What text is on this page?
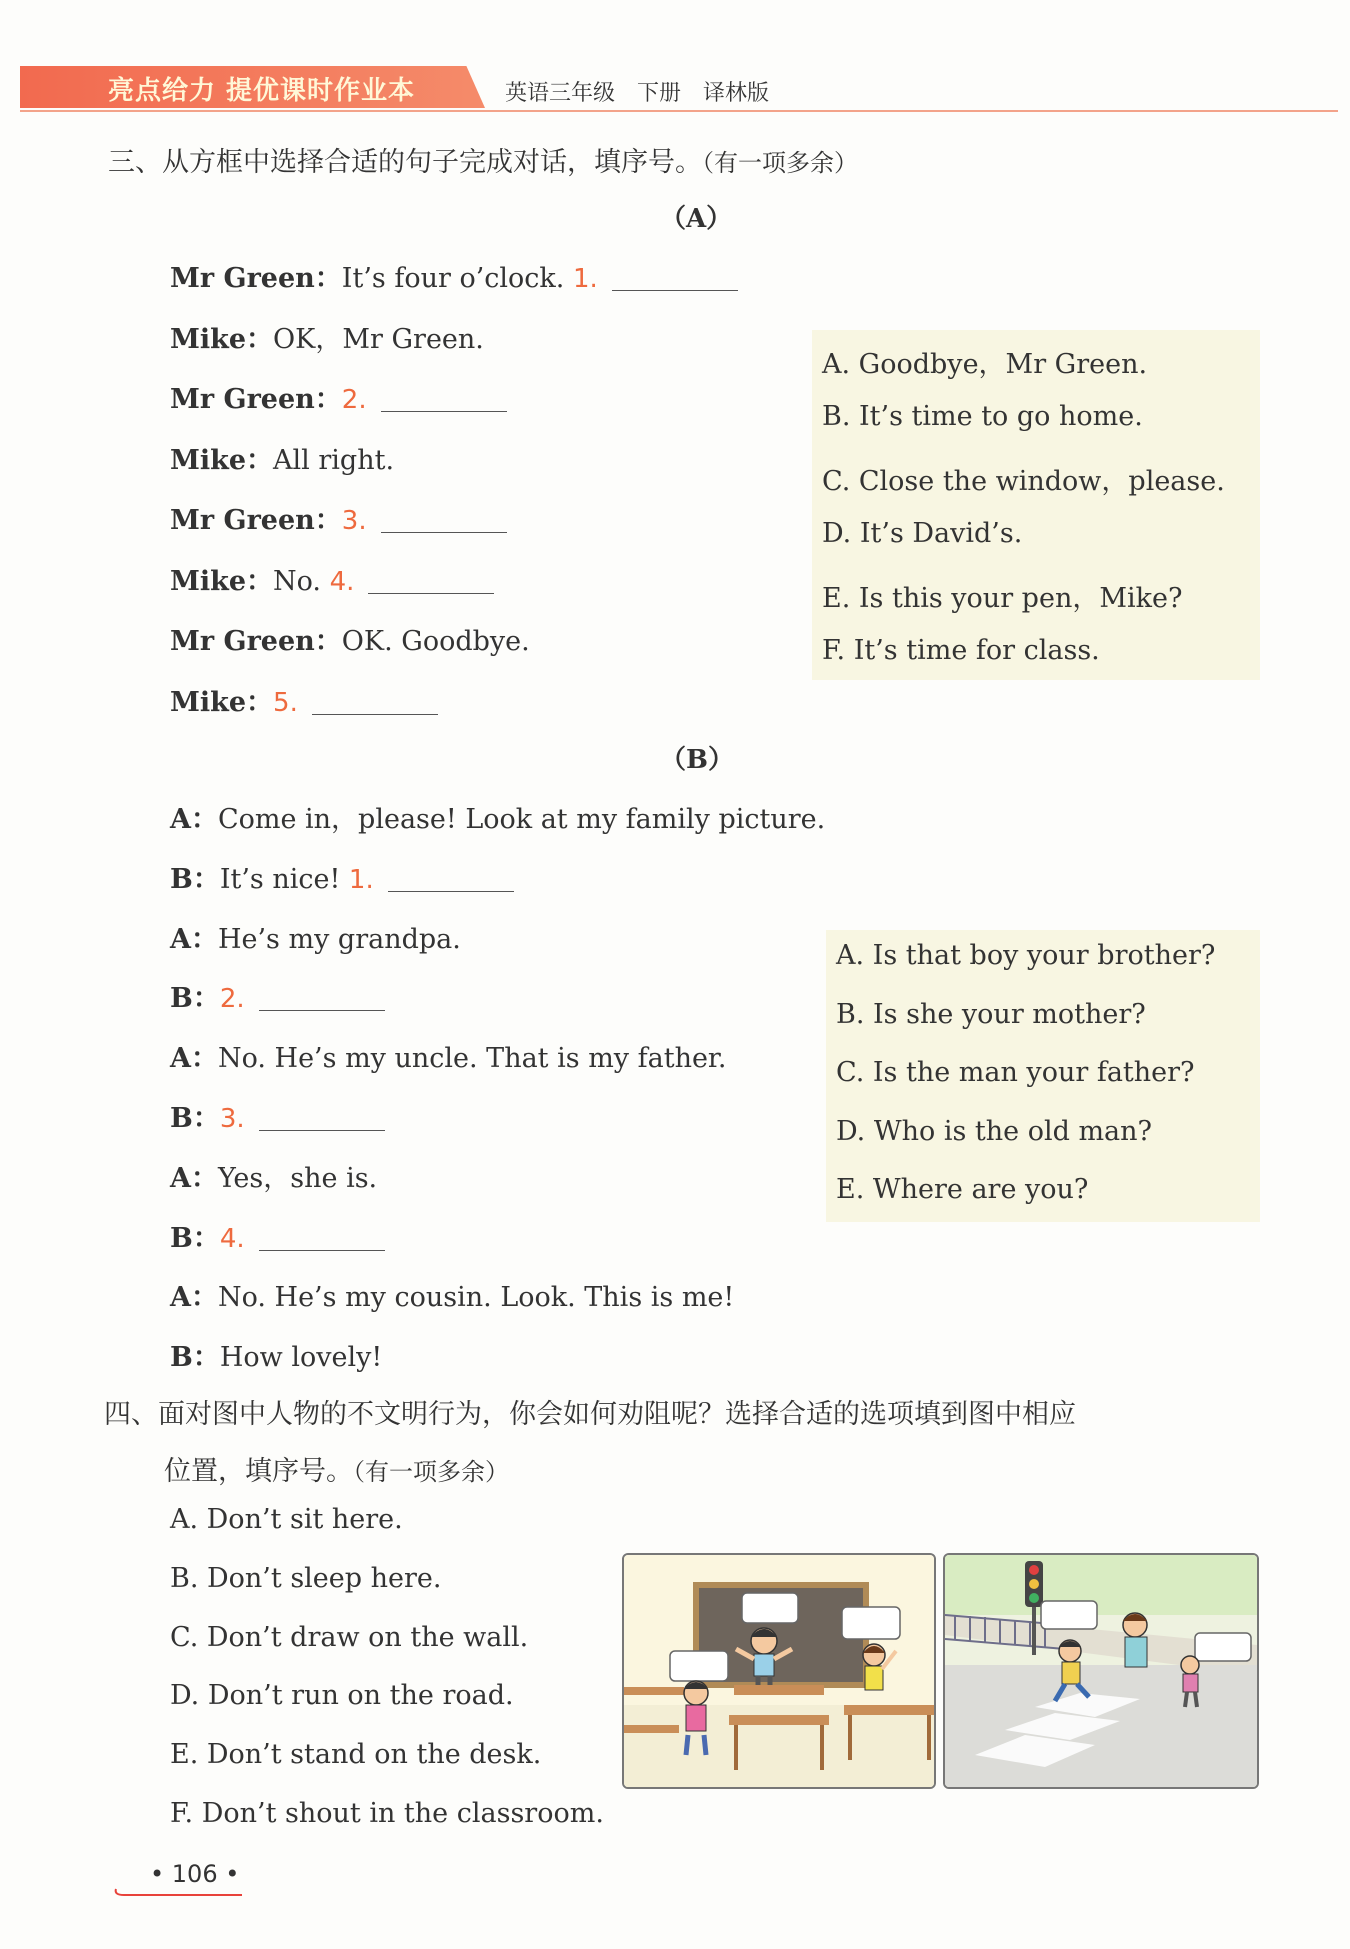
亮点给力 提优课时作业本	英语三年级　下册　译林版
三、从方框中选择合适的句子完成对话，填序号。（有一项多余）
（A）
Mr Green：It’s four o’clock. 1.
Mike：OK，Mr Green.
Mr Green：2.
Mike：All right.
Mr Green：3.
Mike：No. 4.
Mr Green：OK. Goodbye.
Mike：5.
A. Goodbye，Mr Green.
B. It’s time to go home.
C. Close the window，please.
D. It’s David’s.
E. Is this your pen，Mike?
F. It’s time for class.
（B）
A：Come in，please! Look at my family picture.
B：It’s nice! 1.
A：He’s my grandpa.
B：2.
A：No. He’s my uncle. That is my father.
B：3.
A：Yes，she is.
B：4.
A：No. He’s my cousin. Look. This is me!
B：How lovely!
A. Is that boy your brother?
B. Is she your mother?
C. Is the man your father?
D. Who is the old man?
E. Where are you?
四、面对图中人物的不文明行为，你会如何劝阻呢？选择合适的选项填到图中相应
位置，填序号。（有一项多余）
A. Don’t sit here.
B. Don’t sleep here.
C. Don’t draw on the wall.
D. Don’t run on the road.
E. Don’t stand on the desk.
F. Don’t shout in the classroom.
• 106 •
